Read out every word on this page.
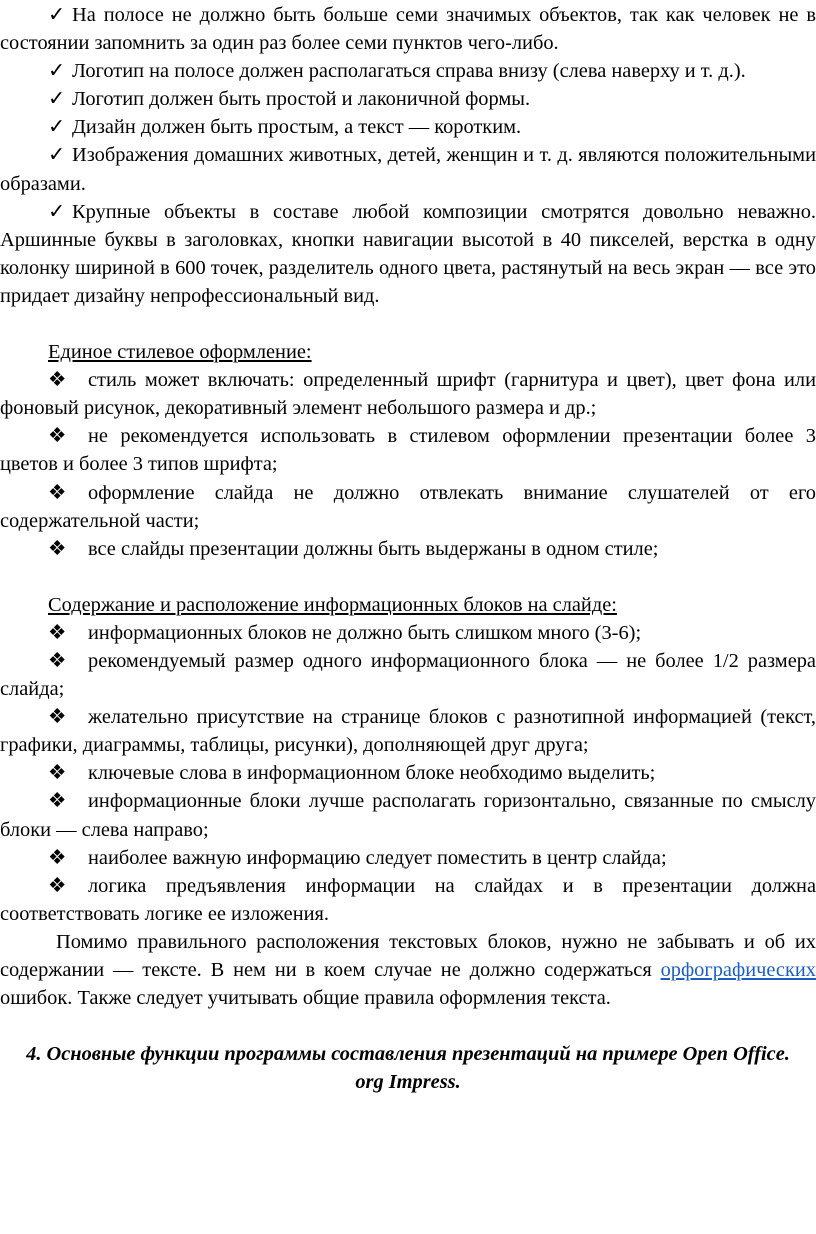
✓ На полосе не должно быть больше семи значимых объектов, так как человек не в состоянии запомнить за один раз более семи пунктов чего-либо.

✓ Логотип на полосе должен располагаться справа внизу (слева наверху и т. д.).

✓ Логотип должен быть простой и лаконичной формы.

✓ Дизайн должен быть простым, а текст — коротким.

✓ Изображения домашних животных, детей, женщин и т. д. являются положительными образами.

✓ Крупные объекты в составе любой композиции смотрятся довольно неважно. Аршинные буквы в заголовках, кнопки навигации высотой в 40 пикселей, верстка в одну колонку шириной в 600 точек, разделитель одного цвета, растянутый на весь экран — все это придает дизайну непрофессиональный вид.

Единое стилевое оформление:

❖ стиль может включать: определенный шрифт (гарнитура и цвет), цвет фона или фоновый рисунок, декоративный элемент небольшого размера и др.;

❖ не рекомендуется использовать в стилевом оформлении презентации более 3 цветов и более 3 типов шрифта;

❖ оформление слайда не должно отвлекать внимание слушателей от его содержательной части;

❖ все слайды презентации должны быть выдержаны в одном стиле;

Содержание и расположение информационных блоков на слайде:

❖ информационных блоков не должно быть слишком много (3-6);

❖ рекомендуемый размер одного информационного блока — не более 1/2 размера слайда;

❖ желательно присутствие на странице блоков с разнотипной информацией (текст, графики, диаграммы, таблицы, рисунки), дополняющей друг друга;

❖ ключевые слова в информационном блоке необходимо выделить;

❖ информационные блоки лучше располагать горизонтально, связанные по смыслу блоки — слева направо;

❖ наиболее важную информацию следует поместить в центр слайда;

❖ логика предъявления информации на слайдах и в презентации должна соответствовать логике ее изложения.

Помимо правильного расположения текстовых блоков, нужно не забывать и об их содержании — тексте. В нем ни в коем случае не должно содержаться орфографических ошибок. Также следует учитывать общие правила оформления текста.

4. Основные функции программы составления презентаций на примере Open Office. org Impress.
